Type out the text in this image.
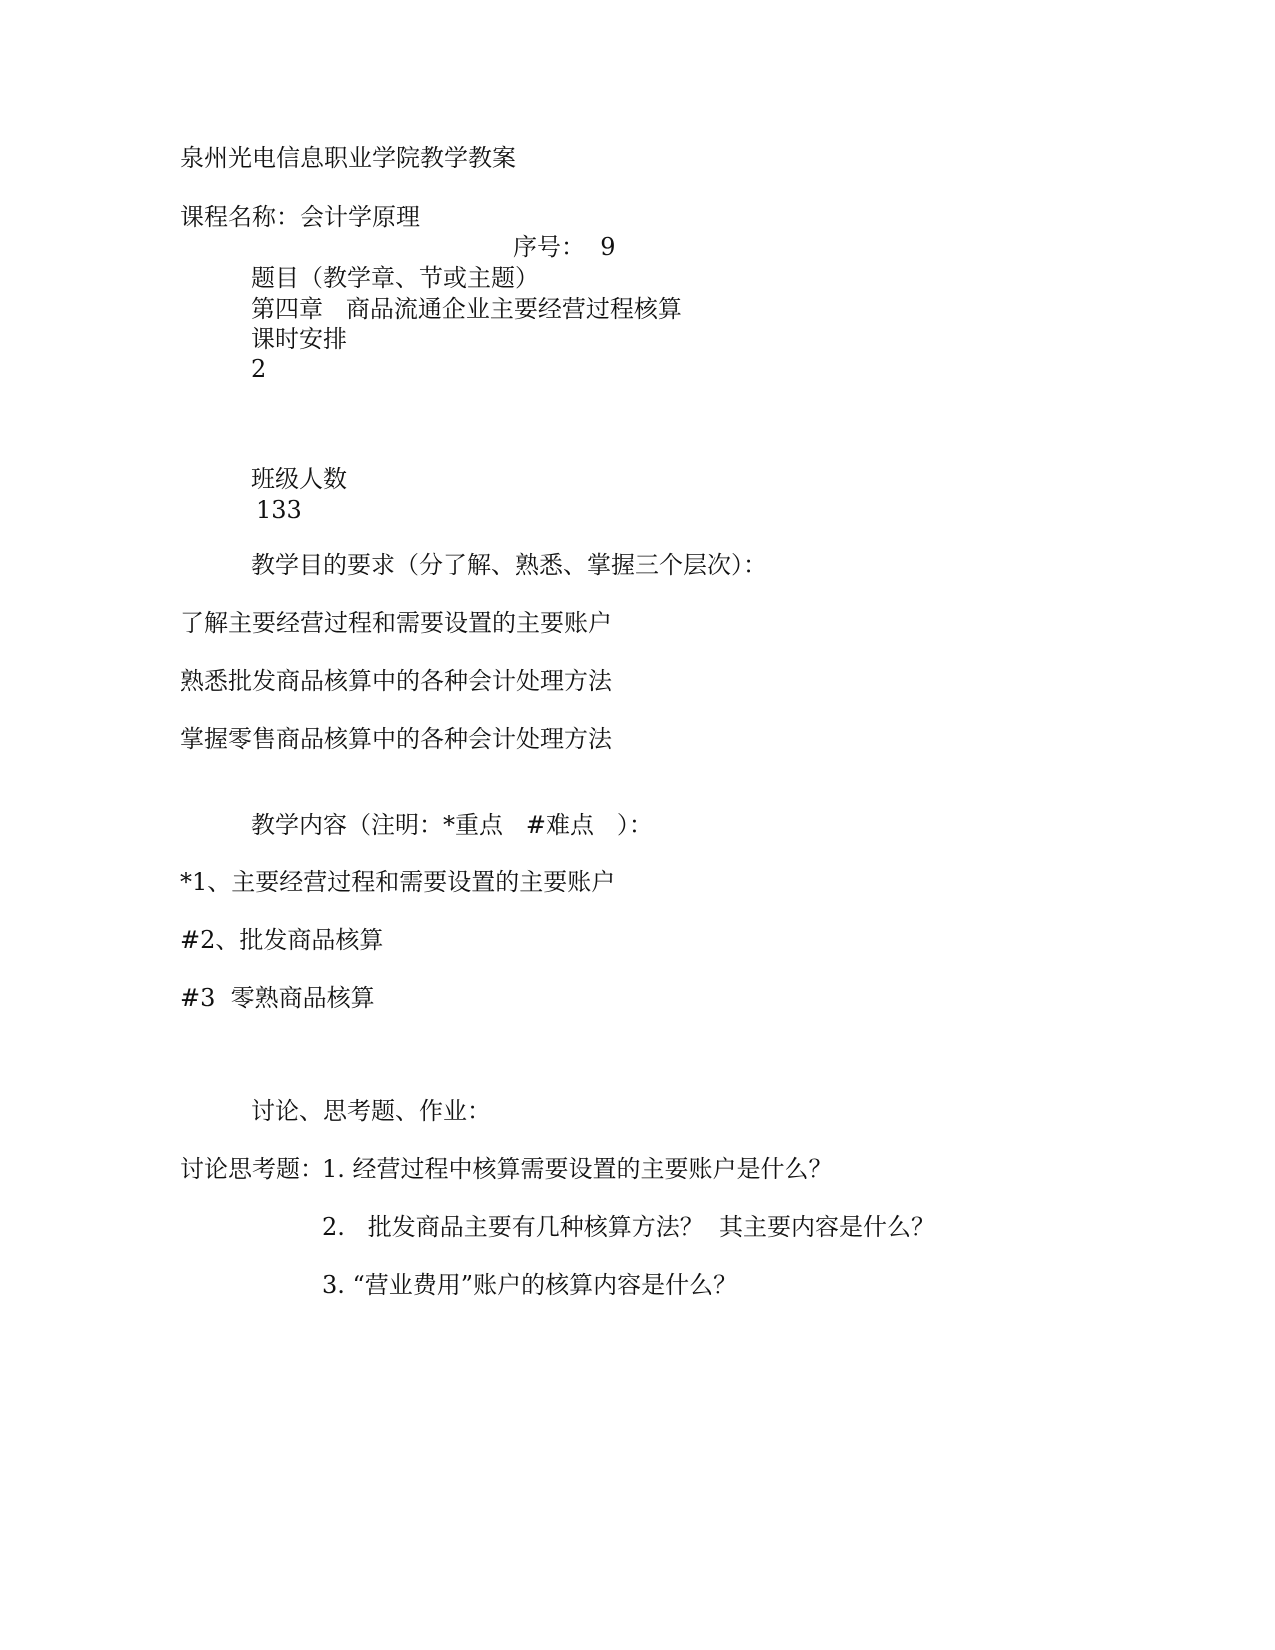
泉州光电信息职业学院教学教案
课程名称：会计学原理
序号：  9
题目（教学章、节或主题）
第四章   商品流通企业主要经营过程核算
课时安排
2
班级人数
133
教学目的要求（分了解、熟悉、掌握三个层次）：
了解主要经营过程和需要设置的主要账户
熟悉批发商品核算中的各种会计处理方法
掌握零售商品核算中的各种会计处理方法
教学内容（注明：*重点   #难点   ）：
*1、主要经营过程和需要设置的主要账户
#2、批发商品核算
#3  零熟商品核算
讨论、思考题、作业：
讨论思考题：
1. 经营过程中核算需要设置的主要账户是什么？
2.   批发商品主要有几种核算方法？  其主要内容是什么？
3. “营业费用”账户的核算内容是什么？
